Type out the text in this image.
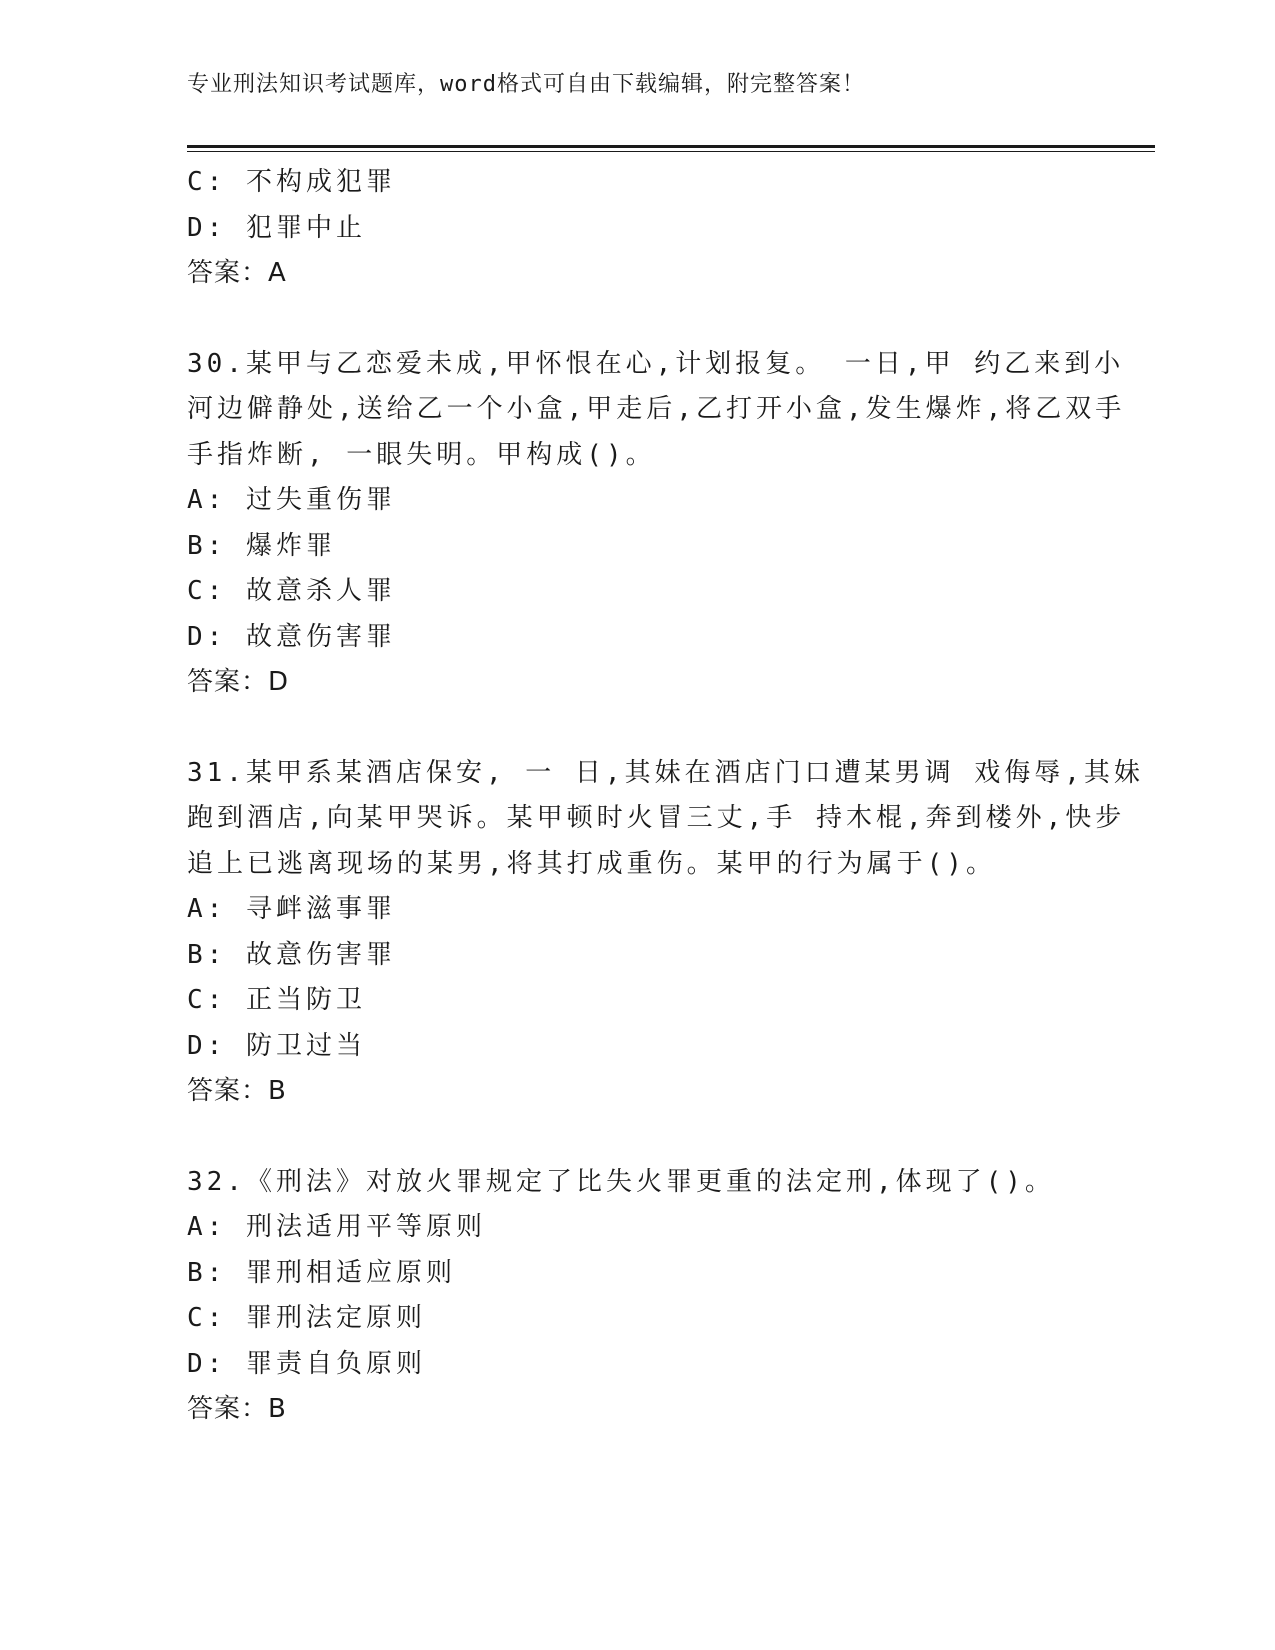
专业刑法知识考试题库，word格式可自由下载编辑，附完整答案！
C: 不构成犯罪
D: 犯罪中止
答案：A
30.某甲与乙恋爱未成,甲怀恨在心,计划报复。 一日,甲 约乙来到小
河边僻静处,送给乙一个小盒,甲走后,乙打开小盒,发生爆炸,将乙双手
手指炸断, 一眼失明。甲构成()。
A: 过失重伤罪
B: 爆炸罪
C: 故意杀人罪
D: 故意伤害罪
答案：D
31.某甲系某酒店保安, 一 日,其妹在酒店门口遭某男调 戏侮辱,其妹
跑到酒店,向某甲哭诉。某甲顿时火冒三丈,手 持木棍,奔到楼外,快步
追上已逃离现场的某男,将其打成重伤。某甲的行为属于()。
A: 寻衅滋事罪
B: 故意伤害罪
C: 正当防卫
D: 防卫过当
答案：B
32.《刑法》对放火罪规定了比失火罪更重的法定刑,体现了()。
A: 刑法适用平等原则
B: 罪刑相适应原则
C: 罪刑法定原则
D: 罪责自负原则
答案：B
